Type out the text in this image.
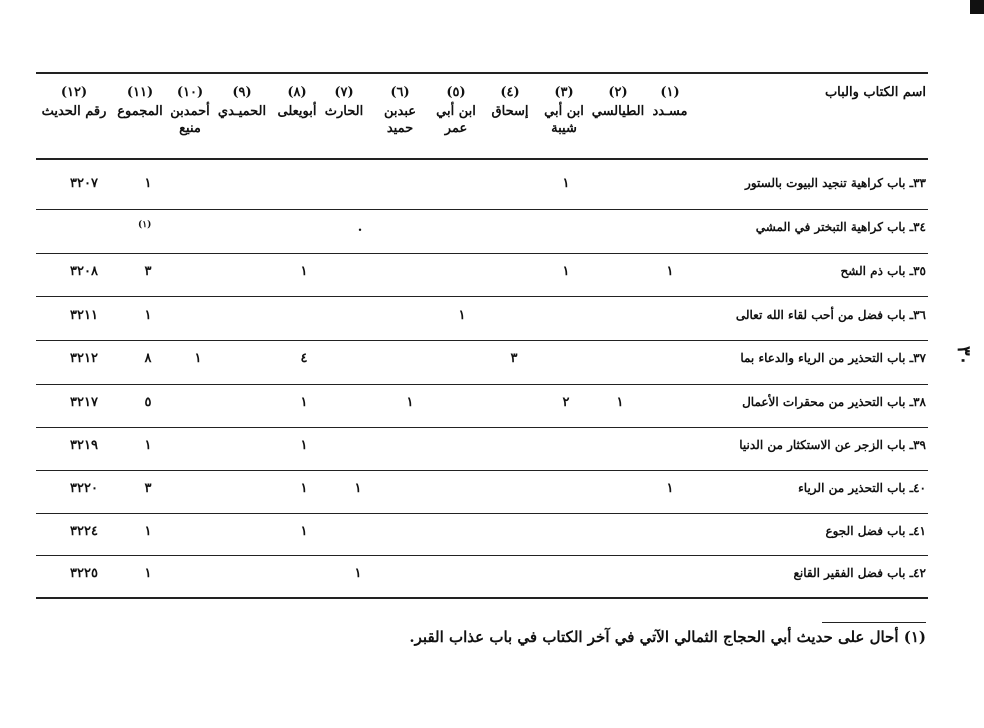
اسم الكتاب والباب
(١)
مسـدد
(٢)
الطيالسي
(٣)
ابن أبي شيبة
(٤)
إسحاق
(٥)
ابن أبي عمر
(٦)
عبدبن حميد
(٧)
الحارث
(٨)
أبويعلى
(٩)
الحميـدي
(١٠)
أحمدبن منيع
(١١)
المجموع
(١٢)
رقم الحديث
٣٣ـ باب كراهية تنجيد البيوت بالستور
٣٤ـ باب كراهية التبختر في المشي
٣٥ـ باب ذم الشح
٣٦ـ باب فضل من أحب لقاء الله تعالى
٣٧ـ باب التحذير من الرياء والدعاء بما
٣٨ـ باب التحذير من محقرات الأعمال
٣٩ـ باب الزجر عن الاستكثار من الدنيا
٤٠ـ باب التحذير من الرياء
٤١ـ باب فضل الجوع
٤٢ـ باب فضل الفقير القانع
١
١
٣٢٠٧
(١)	.
١
١
١
٣
٣٢٠٨
١
١
٣٢١١
٣
٤
١
٨
٣٢١٢
١
٢
١
١
٥
٣٢١٧
١
١
٣٢١٩
١
١
١
٣
٣٢٢٠
١
١
٣٢٢٤
١
١
٣٢٢٥
٣٠
(١) أحال على حديث أبي الحجاج الثمالي الآتي في آخر الكتاب في باب عذاب القبر.
